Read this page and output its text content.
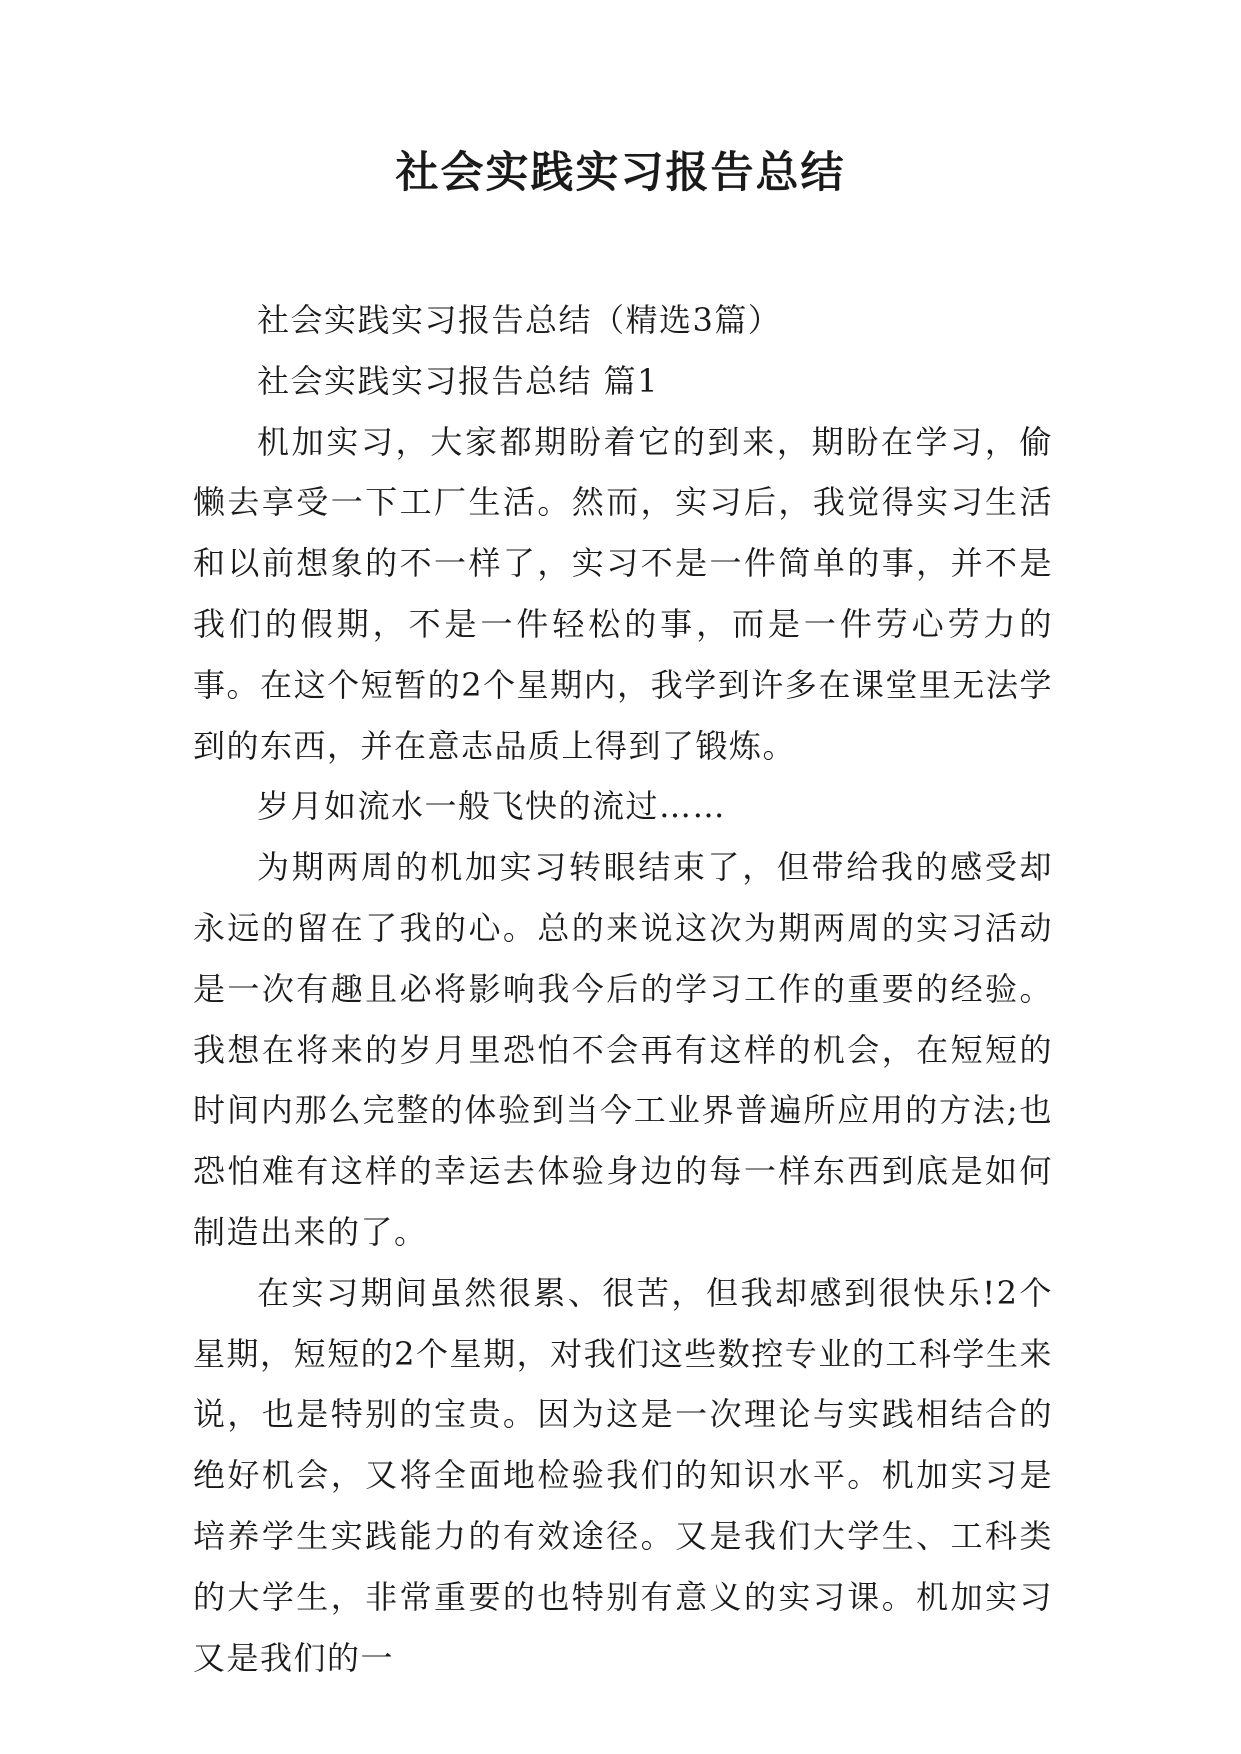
社会实践实习报告总结

社会实践实习报告总结（精选3篇）

社会实践实习报告总结 篇1

机加实习，大家都期盼着它的到来，期盼在学习，偷懒去享受一下工厂生活。然而，实习后，我觉得实习生活和以前想象的不一样了，实习不是一件简单的事，并不是我们的假期，不是一件轻松的事，而是一件劳心劳力的事。在这个短暂的2个星期内，我学到许多在课堂里无法学到的东西，并在意志品质上得到了锻炼。

岁月如流水一般飞快的流过……

为期两周的机加实习转眼结束了，但带给我的感受却永远的留在了我的心。总的来说这次为期两周的实习活动是一次有趣且必将影响我今后的学习工作的重要的经验。我想在将来的岁月里恐怕不会再有这样的机会，在短短的时间内那么完整的体验到当今工业界普遍所应用的方法;也恐怕难有这样的幸运去体验身边的每一样东西到底是如何制造出来的了。

在实习期间虽然很累、很苦，但我却感到很快乐!2个星期，短短的2个星期，对我们这些数控专业的工科学生来说，也是特别的宝贵。因为这是一次理论与实践相结合的绝好机会，又将全面地检验我们的知识水平。机加实习是培养学生实践能力的有效途径。又是我们大学生、工科类的大学生，非常重要的也特别有意义的实习课。机加实习又是我们的一
